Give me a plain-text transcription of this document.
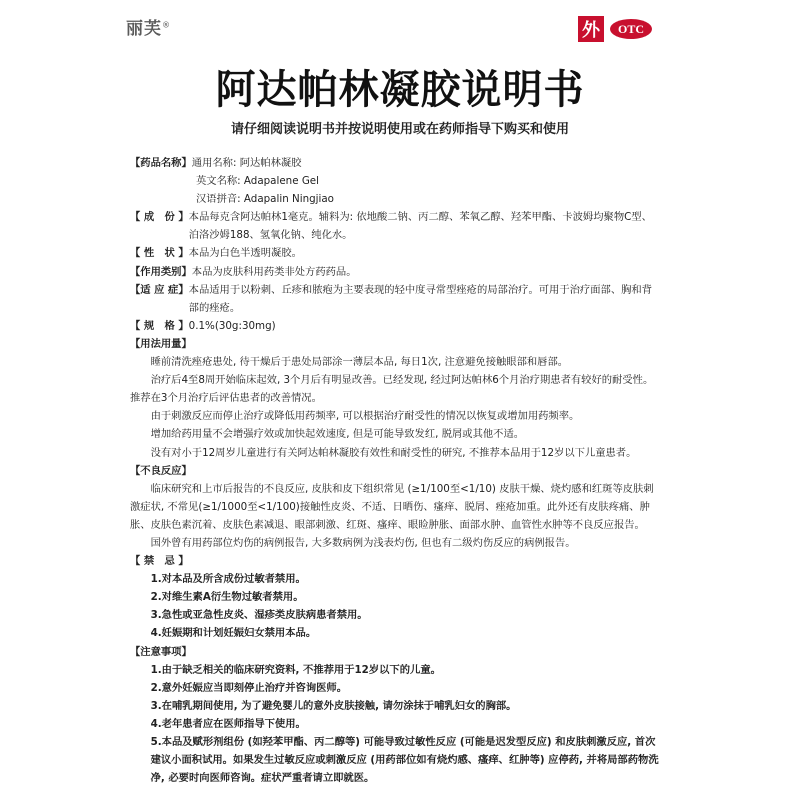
丽芙®	外	OTC
阿达帕林凝胶说明书
请仔细阅读说明书并按说明使用或在药师指导下购买和使用
【药品名称】 通用名称: 阿达帕林凝胶
英文名称: Adapalene Gel
汉语拼音: Adapalin Ningjiao
【 成　份 】 本品每克含阿达帕林1毫克。辅料为: 依地酸二钠、丙二醇、苯氧乙醇、羟苯甲酯、卡波姆均聚物C型、泊洛沙姆188、氢氧化钠、纯化水。
【 性　状 】 本品为白色半透明凝胶。
【作用类别】 本品为皮肤科用药类非处方药药品。
【适 应 症】 本品适用于以粉刺、丘疹和脓疱为主要表现的轻中度寻常型痤疮的局部治疗。可用于治疗面部、胸和背部的痤疮。
【 规　格 】 0.1%(30g:30mg)
【用法用量】
睡前清洗痤疮患处, 待干燥后于患处局部涂一薄层本品, 每日1次, 注意避免接触眼部和唇部。
治疗后4至8周开始临床起效, 3个月后有明显改善。已经发现, 经过阿达帕林6个月治疗期患者有较好的耐受性。推荐在3个月治疗后评估患者的改善情况。
由于刺激反应而停止治疗或降低用药频率, 可以根据治疗耐受性的情况以恢复或增加用药频率。
增加给药用量不会增强疗效或加快起效速度, 但是可能导致发红, 脱屑或其他不适。
没有对小于12周岁儿童进行有关阿达帕林凝胶有效性和耐受性的研究, 不推荐本品用于12岁以下儿童患者。
【不良反应】
临床研究和上市后报告的不良反应, 皮肤和皮下组织常见 (≥1/100至<1/10) 皮肤干燥、烧灼感和红斑等皮肤刺激症状, 不常见(≥1/1000至<1/100)接触性皮炎、不适、日晒伤、瘙痒、脱屑、痤疮加重。此外还有皮肤疼痛、肿胀、皮肤色素沉着、皮肤色素减退、眼部刺激、红斑、瘙痒、眼睑肿胀、面部水肿、血管性水肿等不良反应报告。
国外曾有用药部位灼伤的病例报告, 大多数病例为浅表灼伤, 但也有二级灼伤反应的病例报告。
【 禁　忌 】
1.对本品及所含成份过敏者禁用。
2.对维生素A衍生物过敏者禁用。
3.急性或亚急性皮炎、湿疹类皮肤病患者禁用。
4.妊娠期和计划妊娠妇女禁用本品。
【注意事项】
1.由于缺乏相关的临床研究资料, 不推荐用于12岁以下的儿童。
2.意外妊娠应当即刻停止治疗并咨询医师。
3.在哺乳期间使用, 为了避免婴儿的意外皮肤接触, 请勿涂抹于哺乳妇女的胸部。
4.老年患者应在医师指导下使用。
5.本品及赋形剂组份 (如羟苯甲酯、丙二醇等) 可能导致过敏性反应 (可能是迟发型反应) 和皮肤刺激反应, 首次建议小面积试用。如果发生过敏反应或刺激反应 (用药部位如有烧灼感、瘙痒、红肿等) 应停药, 并将局部药物洗净, 必要时向医师咨询。症状严重者请立即就医。
